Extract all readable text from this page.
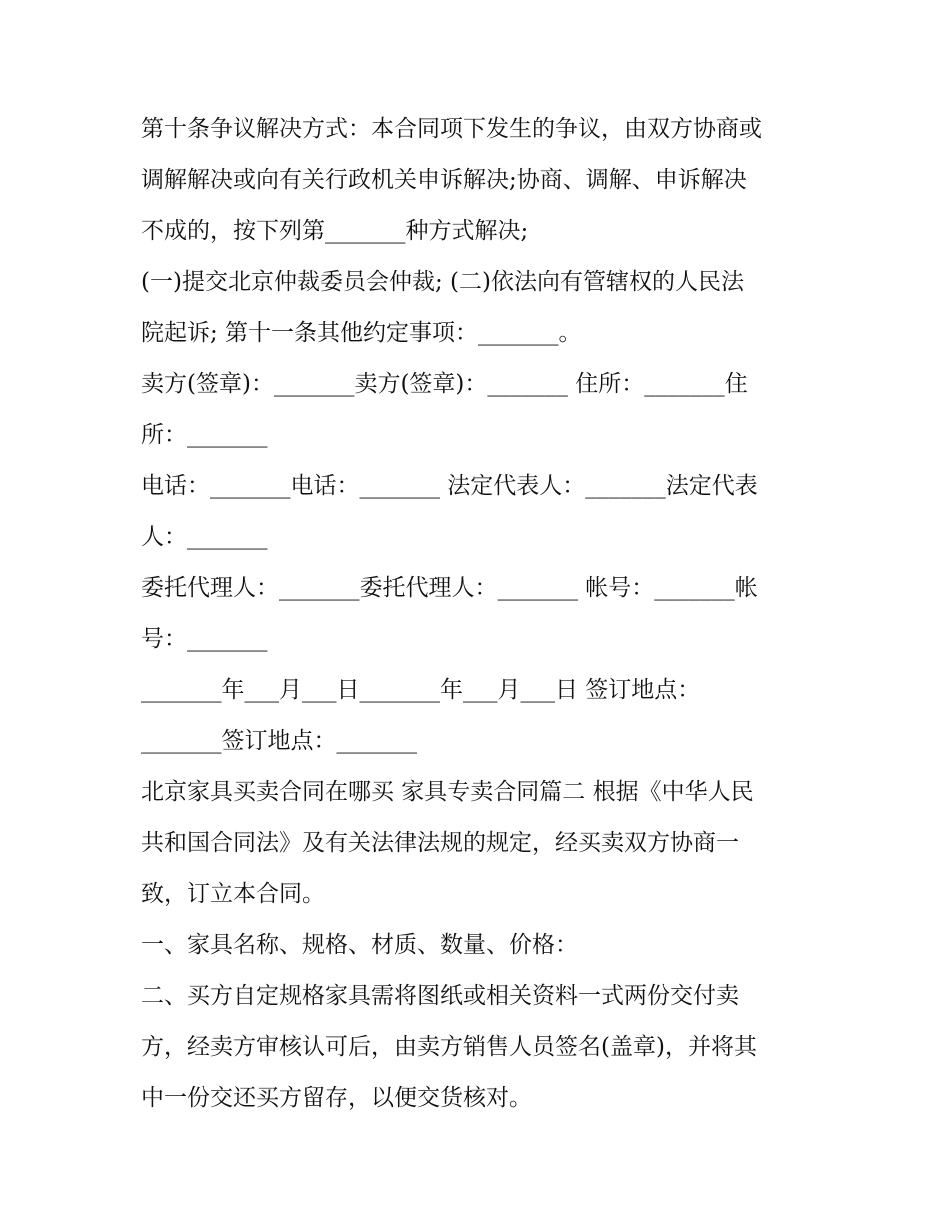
第十条争议解决方式：本合同项下发生的争议，由双方协商或
调解解决或向有关行政机关申诉解决;协商、调解、申诉解决
不成的，按下列第_______种方式解决;
(一)提交北京仲裁委员会仲裁; (二)依法向有管辖权的人民法
院起诉; 第十一条其他约定事项：_______。
卖方(签章)：_______卖方(签章)：_______ 住所：_______住
所：_______
电话：_______电话：_______ 法定代表人：_______法定代表
人：_______
委托代理人：_______委托代理人：_______ 帐号：_______帐
号：_______
_______年___月___日_______年___月___日 签订地点：
_______签订地点：_______
北京家具买卖合同在哪买 家具专卖合同篇二 根据《中华人民
共和国合同法》及有关法律法规的规定，经买卖双方协商一
致，订立本合同。
一、家具名称、规格、材质、数量、价格：
二、买方自定规格家具需将图纸或相关资料一式两份交付卖
方，经卖方审核认可后，由卖方销售人员签名(盖章)，并将其
中一份交还买方留存，以便交货核对。
